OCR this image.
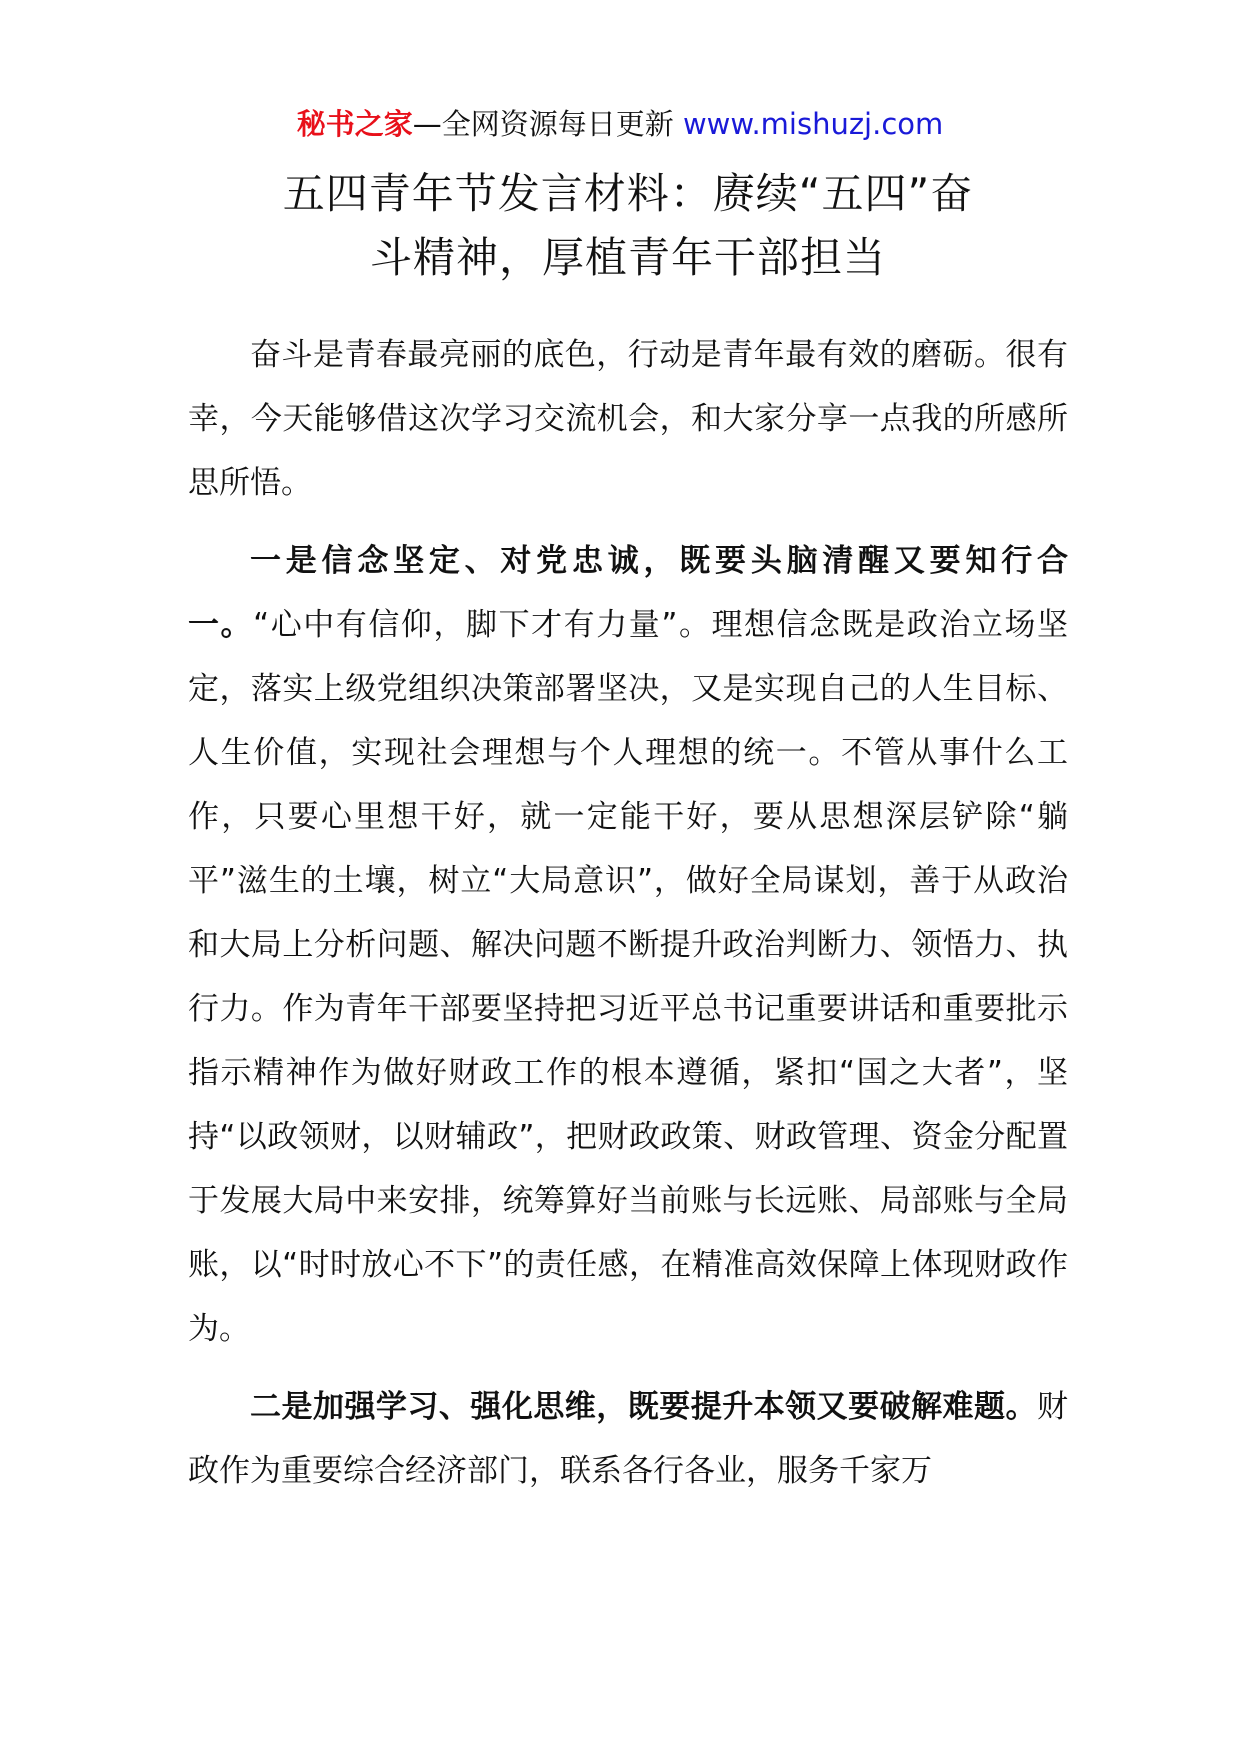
秘书之家—全网资源每日更新 www.mishuzj.com
五四青年节发言材料：赓续“五四”奋
斗精神，厚植青年干部担当

奋斗是青春最亮丽的底色，行动是青年最有效的磨砺。很有幸，今天能够借这次学习交流机会，和大家分享一点我的所感所思所悟。

一是信念坚定、对党忠诚，既要头脑清醒又要知行合一。“心中有信仰，脚下才有力量”。理想信念既是政治立场坚定，落实上级党组织决策部署坚决，又是实现自己的人生目标、人生价值，实现社会理想与个人理想的统一。不管从事什么工作，只要心里想干好，就一定能干好，要从思想深层铲除“躺平”滋生的土壤，树立“大局意识”，做好全局谋划，善于从政治和大局上分析问题、解决问题不断提升政治判断力、领悟力、执行力。作为青年干部要坚持把习近平总书记重要讲话和重要批示指示精神作为做好财政工作的根本遵循，紧扣“国之大者”，坚持“以政领财，以财辅政”，把财政政策、财政管理、资金分配置于发展大局中来安排，统筹算好当前账与长远账、局部账与全局账，以“时时放心不下”的责任感，在精准高效保障上体现财政作为。

二是加强学习、强化思维，既要提升本领又要破解难题。财政作为重要综合经济部门，联系各行各业，服务千家万
